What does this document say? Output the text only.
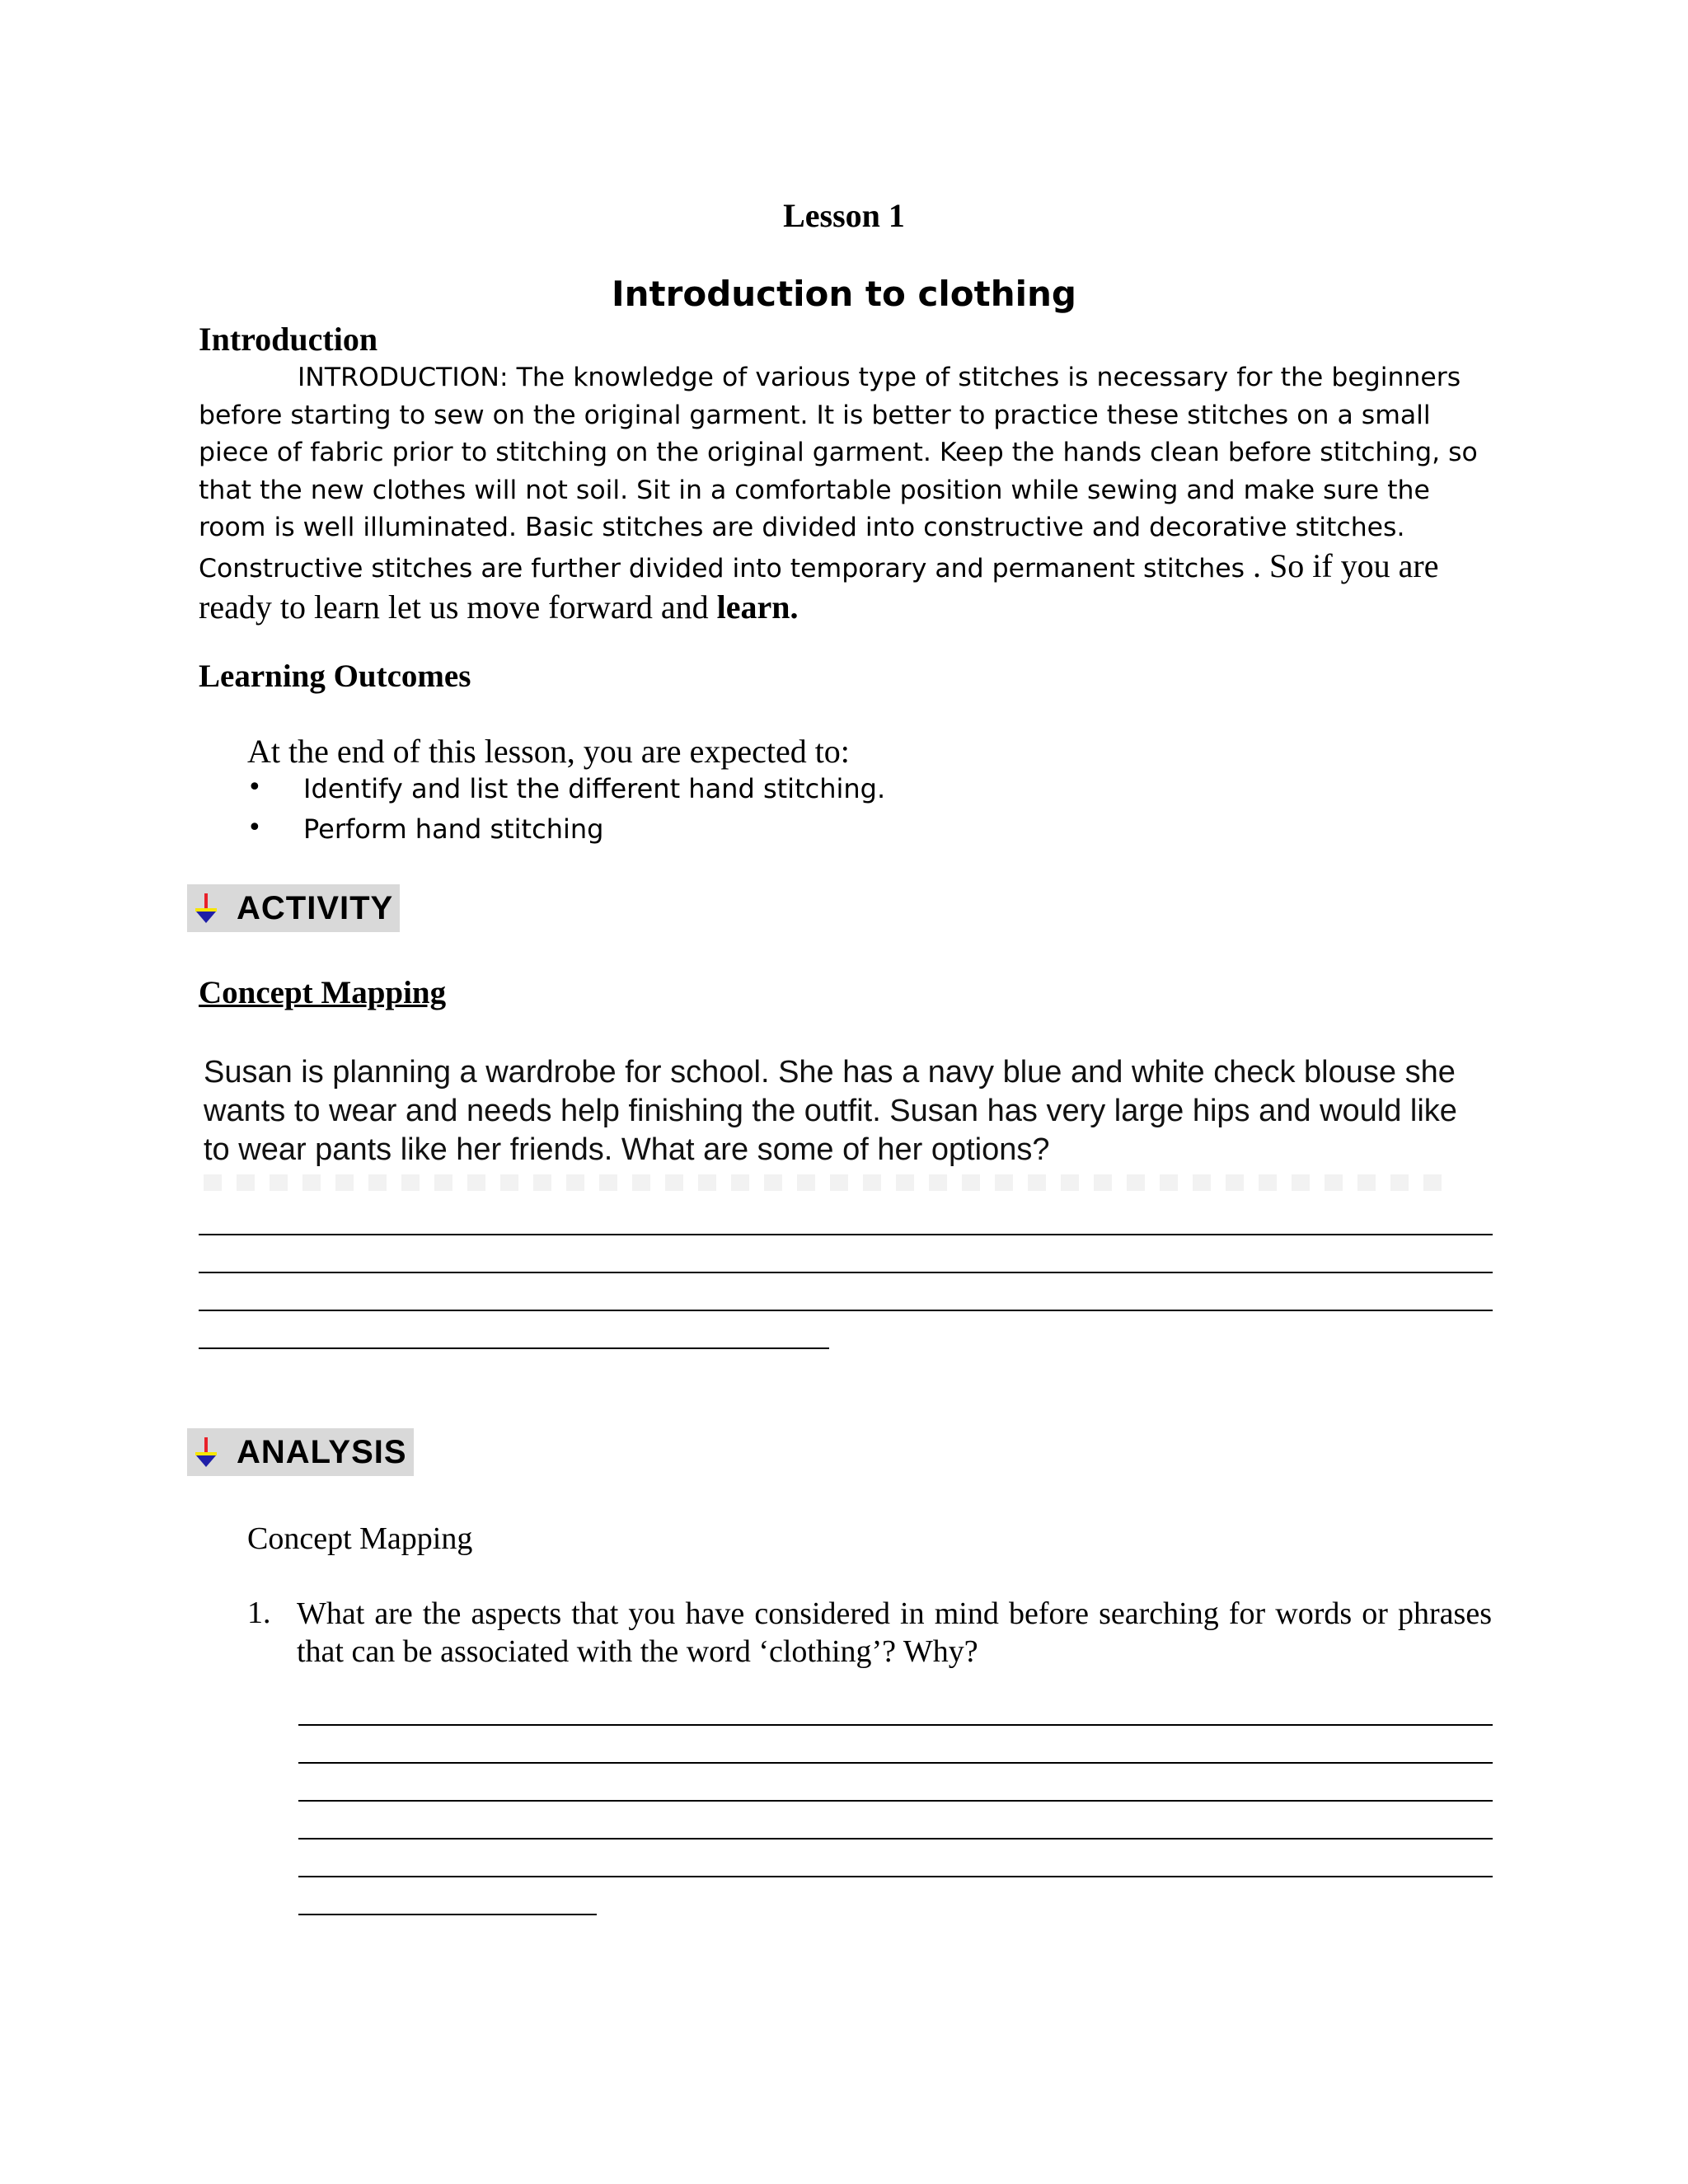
Lesson 1
Introduction to clothing
Introduction
INTRODUCTION: The knowledge of various type of stitches is necessary for the beginners before starting to sew on the original garment. It is better to practice these stitches on a small piece of fabric prior to stitching on the original garment. Keep the hands clean before stitching, so that the new clothes will not soil. Sit in a comfortable position while sewing and make sure the room is well illuminated. Basic stitches are divided into constructive and decorative stitches. Constructive stitches are further divided into temporary and permanent stitches . So if you are ready to learn let us move forward and learn.
Learning Outcomes
At the end of this lesson, you are expected to:
• Identify and list the different hand stitching.
• Perform hand stitching
ACTIVITY
Concept Mapping
Susan is planning a wardrobe for school. She has a navy blue and white check blouse she wants to wear and needs help finishing the outfit. Susan has very large hips and would like to wear pants like her friends. What are some of her options?
ANALYSIS
Concept Mapping
1. What are the aspects that you have considered in mind before searching for words or phrases that can be associated with the word ‘clothing’? Why?
